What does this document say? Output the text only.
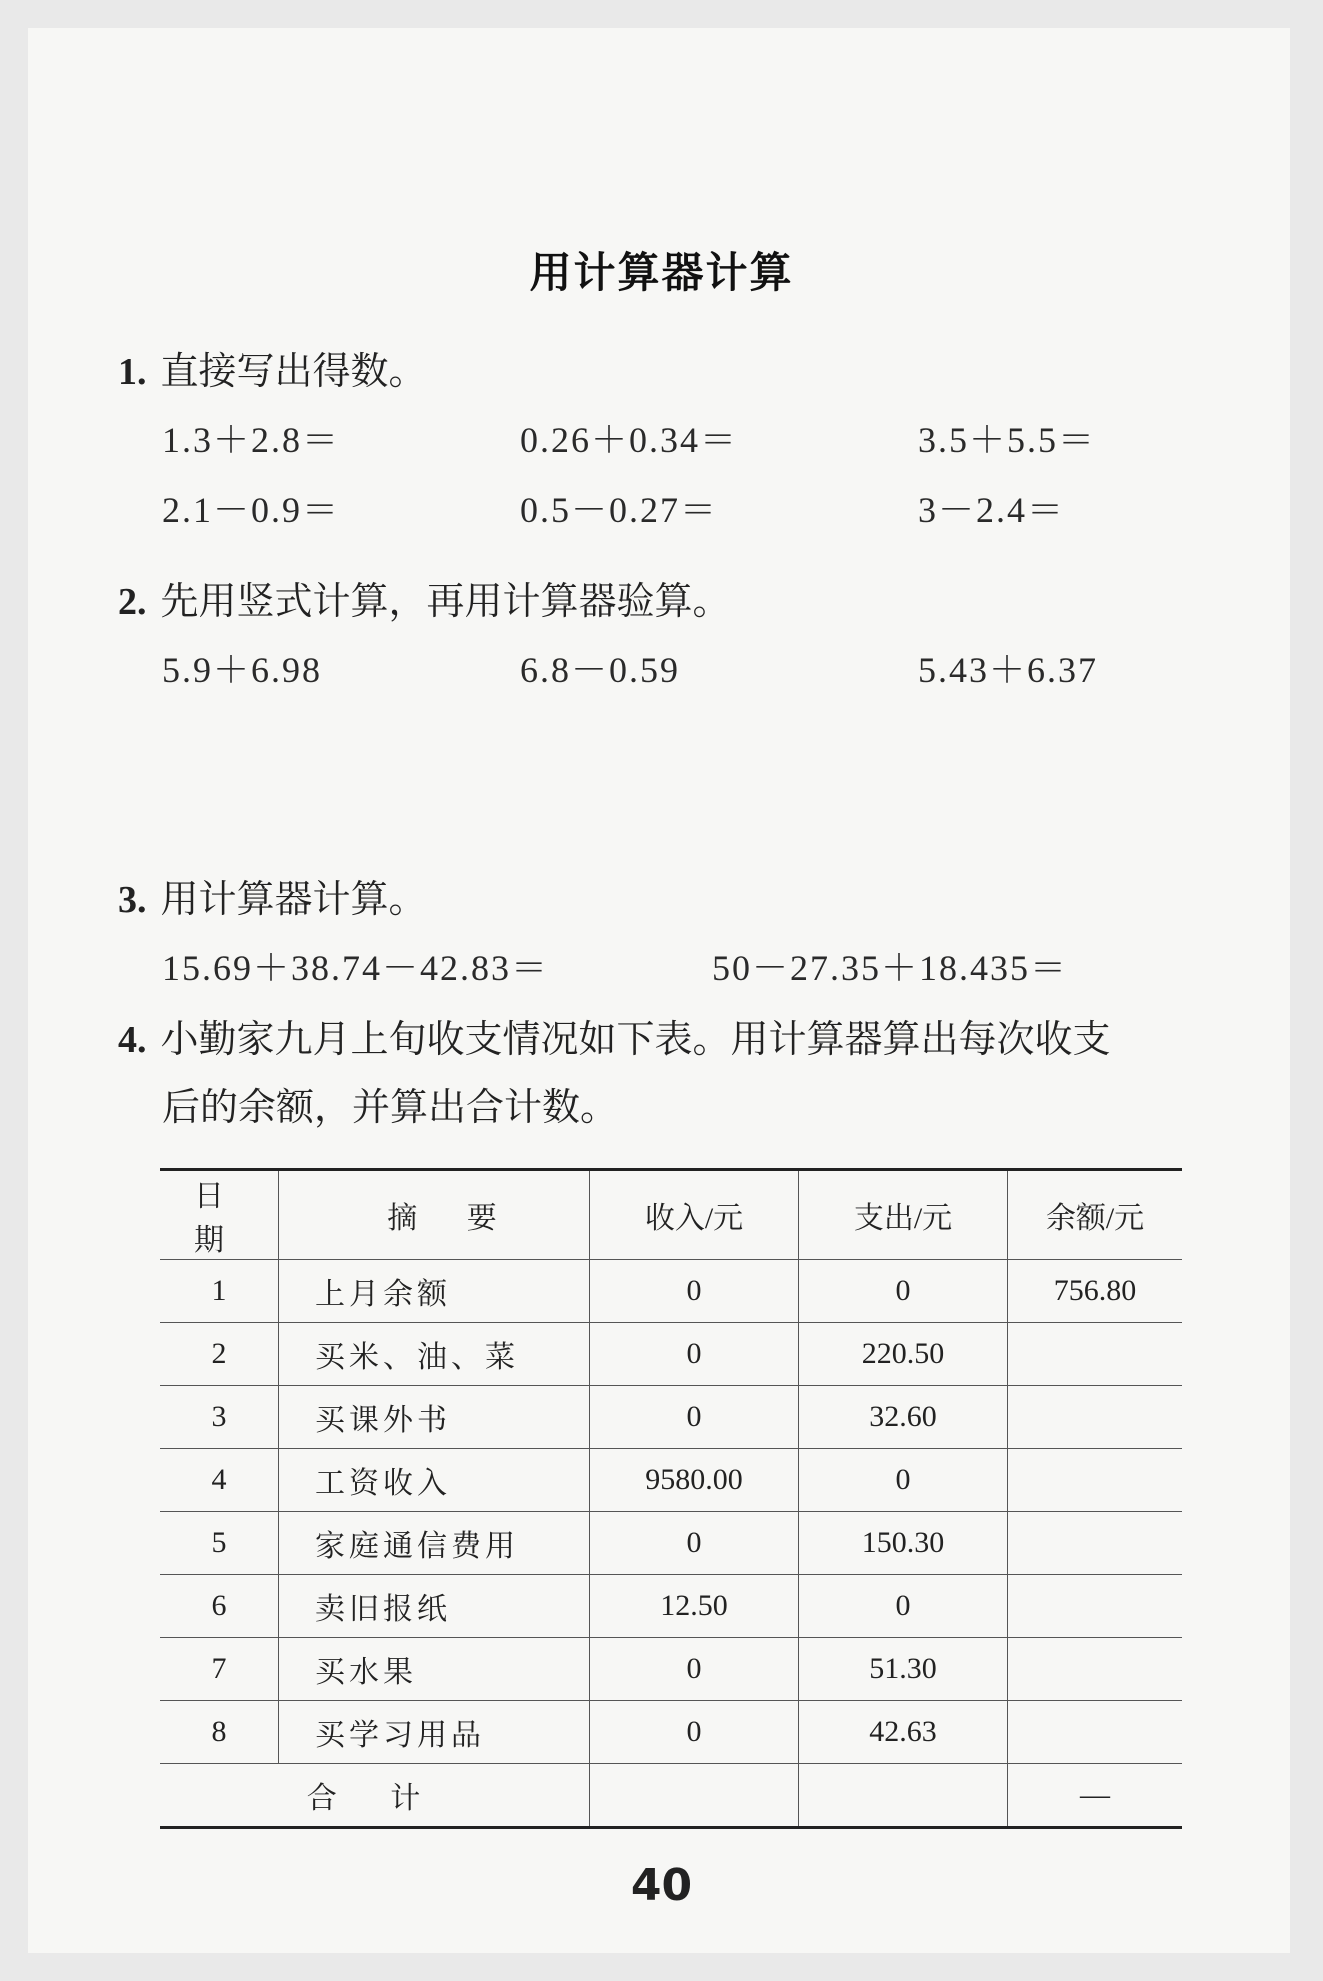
用计算器计算
1. 直接写出得数。
1.3＋2.8＝	0.26＋0.34＝	3.5＋5.5＝
2.1－0.9＝	0.5－0.27＝	3－2.4＝
2. 先用竖式计算，再用计算器验算。
5.9＋6.98	6.8－0.59	5.43＋6.37
3. 用计算器计算。
15.69＋38.74－42.83＝	50－27.35＋18.435＝
4. 小勤家九月上旬收支情况如下表。用计算器算出每次收支
后的余额，并算出合计数。
日 期	摘 要	收入/元	支出/元	余额/元
1	上月余额	0	0	756.80
2	买米、油、菜	0	220.50	
3	买课外书	0	32.60	
4	工资收入	9580.00	0	
5	家庭通信费用	0	150.30	
6	卖旧报纸	12.50	0	
7	买水果	0	51.30	
8	买学习用品	0	42.63	
合 计				—
40
